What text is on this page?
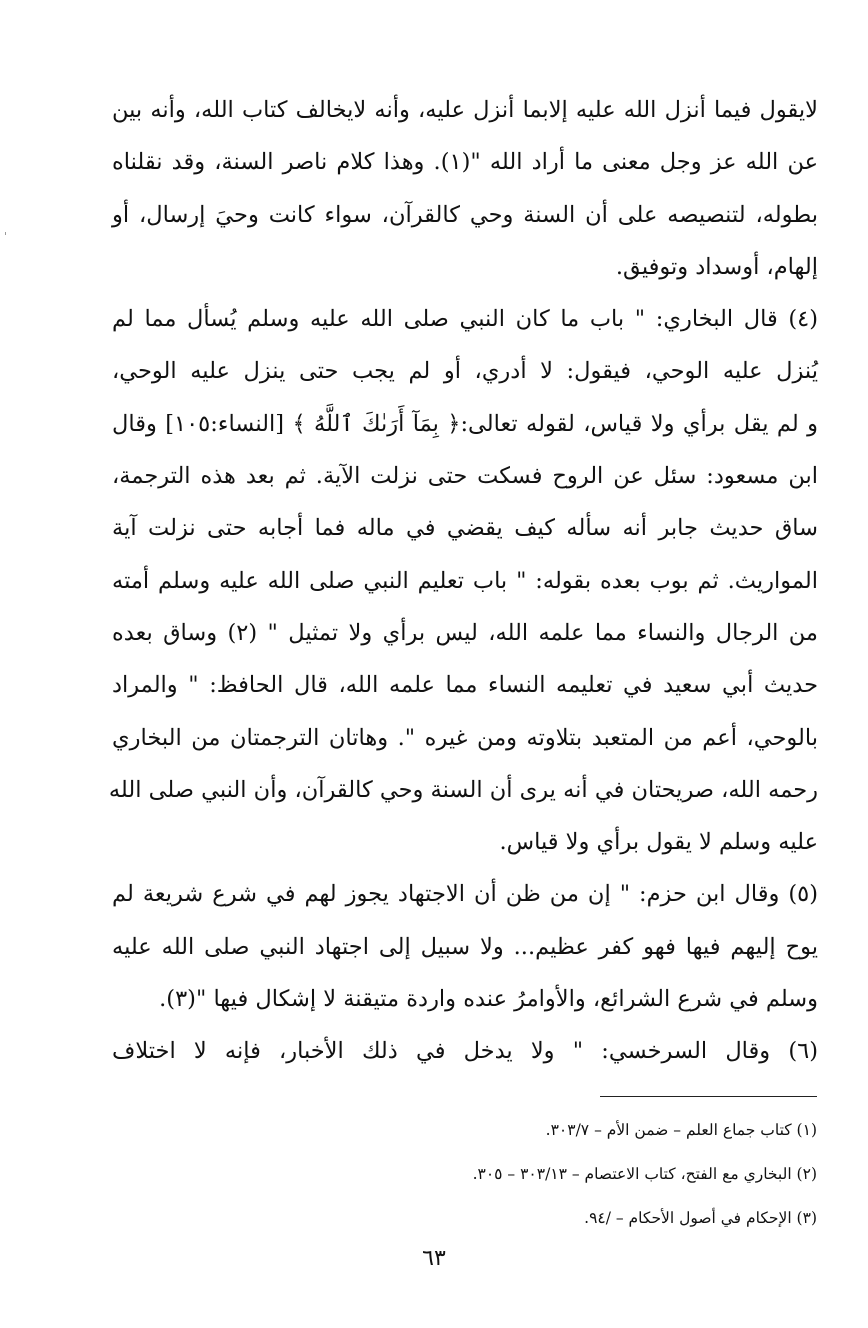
لايقول فيما أنزل الله عليه إلابما أنزل عليه، وأنه لايخالف كتاب الله، وأنه بين
عن الله عز وجل معنى ما أراد الله "(١). وهذا كلام ناصر السنة، وقد نقلناه
بطوله، لتنصيصه على أن السنة وحي كالقرآن، سواء كانت وحيَ إرسال، أو
إلهام، أوسداد وتوفيق.
(٤) قال البخاري: " باب ما كان النبي صلى الله عليه وسلم يُسأل مما لم
يُنزل عليه الوحي، فيقول: لا أدري، أو لم يجب حتى ينزل عليه الوحي،
و لم يقل برأي ولا قياس، لقوله تعالى:﴿ بِمَآ أَرَىٰكَ ٱللَّهُ ﴾ [النساء:١٠٥] وقال
ابن مسعود: سئل عن الروح فسكت حتى نزلت الآية. ثم بعد هذه الترجمة،
ساق حديث جابر أنه سأله كيف يقضي في ماله فما أجابه حتى نزلت آية
المواريث. ثم بوب بعده بقوله: " باب تعليم النبي صلى الله عليه وسلم أمته
من الرجال والنساء مما علمه الله، ليس برأي ولا تمثيل " (٢) وساق بعده
حديث أبي سعيد في تعليمه النساء مما علمه الله، قال الحافظ: " والمراد
بالوحي، أعم من المتعبد بتلاوته ومن غيره ". وهاتان الترجمتان من البخاري
رحمه الله، صريحتان في أنه يرى أن السنة وحي كالقرآن، وأن النبي صلى الله
عليه وسلم لا يقول برأي ولا قياس.
(٥) وقال ابن حزم: " إن من ظن أن الاجتهاد يجوز لهم في شرع شريعة لم
يوح إليهم فيها فهو كفر عظيم... ولا سبيل إلى اجتهاد النبي صلى الله عليه
وسلم في شرع الشرائع، والأوامرُ عنده واردة متيقنة لا إشكال فيها "(٣).
(٦) وقال السرخسي: " ولا يدخل في ذلك الأخبار، فإنه لا اختلاف
(١) كتاب جماع العلم – ضمن الأم – ٣٠٣/٧.
(٢) البخاري مع الفتح، كتاب الاعتصام – ٣٠٣/١٣ – ٣٠٥.
(٣) الإحكام في أصول الأحكام – /٩٤.
٦٣
